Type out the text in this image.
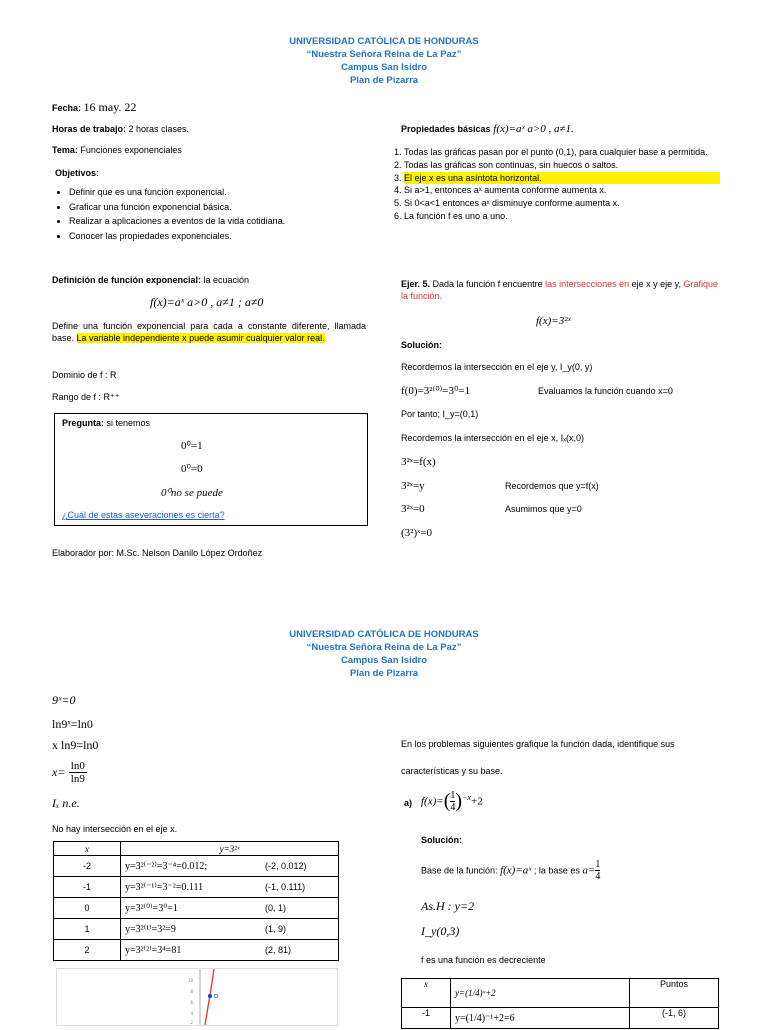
UNIVERSIDAD CATÓLICA DE HONDURAS
“Nuestra Señora Reina de La Paz”
Campus San Isidro
Plan de Pizarra
Fecha: 16 may. 22
Horas de trabajo: 2 horas clases.
Tema: Funciones exponenciales
Objetivos:
• Definir que es una función exponencial.
• Graficar una función exponencial básica.
• Realizar a aplicaciones a eventos de la vida cotidiana.
• Conocer las propiedades exponenciales.
Definición de función exponencial: la ecuación
f(x)=aˣ a>0 , a≠1 ; a≠0
Define una función exponencial para cada a constante diferente, llamada base. La variable independiente x puede asumir cualquier valor real.
Dominio de f : R
Rango de f : R⁺⁺
Pregunta: si tenemos
0⁰=1
0⁰=0
0⁰no se puede
¿Cuál de estas aseveraciones es cierta?
Elaborador por: M.Sc. Nelson Danilo López Ordoñez
Propiedades básicas f(x)=aˣ a>0 , a≠1.
1. Todas las gráficas pasan por el punto (0,1), para cualquier base a permitida.
2. Todas las gráficas son continuas, sin huecos o saltos.
3. El eje x es una asíntota horizontal.
4. Si a>1, entonces aˣ aumenta conforme aumenta x.
5. Si 0<a<1 entonces aˣ disminuye conforme aumenta x.
6. La función f es uno a uno.
Ejer. 5. Dada la función f encuentre las intersecciones en eje x y eje y, Grafique la función.
f(x)=3²ˣ
Solución:
Recordemos la intersección en el eje y, I_y(0, y)
f(0)=3²⁽⁰⁾=3⁰=1	Evaluamos la función cuando x=0
Por tanto; I_y=(0,1)
Recordemos la intersección en el eje x, Iₓ(x,0)
3²ˣ=f(x)
3²ˣ=y	Recordemos que y=f(x)
3²ˣ=0	Asumimos que y=0
(3²)ˣ=0
UNIVERSIDAD CATÓLICA DE HONDURAS
“Nuestra Señora Reina de La Paz”
Campus San Isidro
Plan de Pizarra
9ˣ=0
ln9ˣ=ln0
x ln9=ln0
$x= \frac{\ln 0}{\ln 9}$
Iₓ n.e.
No hay intersección en el eje x.
x	y=3²ˣ	
-2	y=3²⁽⁻²⁾=3⁻⁴=0.012;	(-2, 0.012)
-1	y=3²⁽⁻¹⁾=3⁻²=0.111	(-1, 0.111)
0	y=3²⁽⁰⁾=3⁰=1	(0, 1)
1	y=3²⁽¹⁾=3²=9	(1, 9)
2	y=3²⁽²⁾=3⁴=81	(2, 81)
10
8
6
4
2
En los problemas siguientes grafique la función dada, identifique sus
características y su base.
a) $f(x)=( \frac{1}{4} )^{-x}+2$
Solución:
Base de la función: f(x)=aˣ ; la base es $a= \frac{1}{4}$
As.H : y=2
I_y(0,3)
f es una función es decreciente
x	y=(1/4)ˣ+2	Puntos
-1	y=(1/4)⁻¹+2=6	(-1, 6)
